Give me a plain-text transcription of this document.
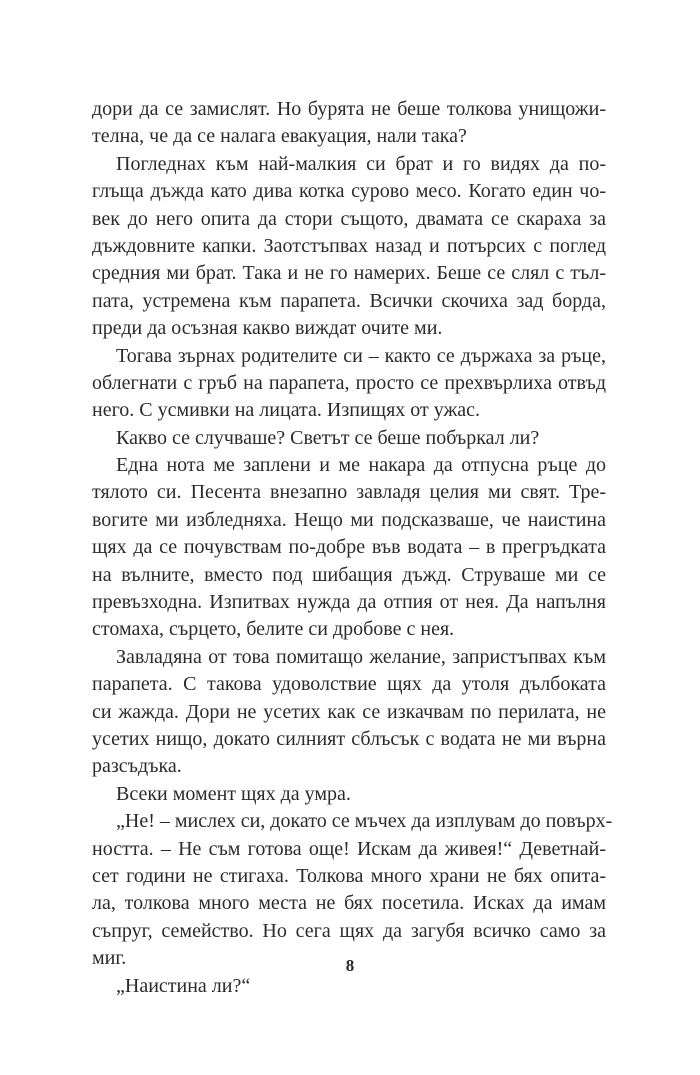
дори да се замислят. Но бурята не беше толкова унищожи-
телна, че да се налага евакуация, нали така?
Погледнах към най-малкия си брат и го видях да по-
глъща дъжда като дива котка сурово месо. Когато един чо-
век до него опита да стори същото, двамата се скараха за
дъждовните капки. Заотстъпвах назад и потърсих с поглед
средния ми брат. Така и не го намерих. Беше се слял с тъл-
пата, устремена към парапета. Всички скочиха зад борда,
преди да осъзная какво виждат очите ми.
Тогава зърнах родителите си – както се държаха за ръце,
облегнати с гръб на парапета, просто се прехвърлиха отвъд
него. С усмивки на лицата. Изпищях от ужас.
Какво се случваше? Светът се беше побъркал ли?
Една нота ме заплени и ме накара да отпусна ръце до
тялото си. Песента внезапно завладя целия ми свят. Тре-
вогите ми избледняха. Нещо ми подсказваше, че наистина
щях да се почувствам по-добре във водата – в прегръдката
на вълните, вместо под шибащия дъжд. Струваше ми се
превъзходна. Изпитвах нужда да отпия от нея. Да напълня
стомаха, сърцето, белите си дробове с нея.
Завладяна от това помитащо желание, запристъпвах към
парапета. С такова удоволствие щях да утоля дълбоката
си жажда. Дори не усетих как се изкачвам по перилата, не
усетих нищо, докато силният сблъсък с водата не ми върна
разсъдъка.
Всеки момент щях да умра.
„Не! – мислех си, докато се мъчех да изплувам до повърх-
ността. – Не съм готова още! Искам да живея!“ Деветнай-
сет години не стигаха. Толкова много храни не бях опита-
ла, толкова много места не бях посетила. Исках да имам
съпруг, семейство. Но сега щях да загубя всичко само за
миг.
„Наистина ли?“
8
